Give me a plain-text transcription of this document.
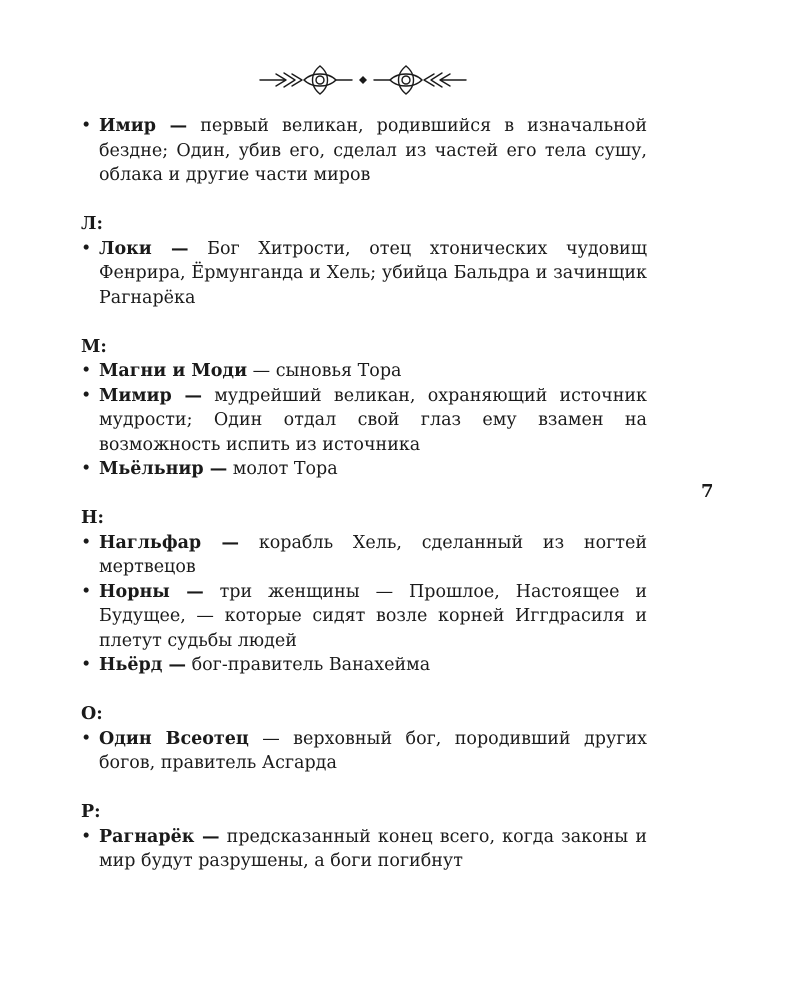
• Имир — первый великан, родившийся в изначальной бездне; Один, убив его, сделал из частей его тела сушу, облака и другие части миров
Л:
• Локи — Бог Хитрости, отец хтонических чудовищ Фенрира, Ёрмунганда и Хель; убийца Бальдра и зачинщик Рагнарёка
М:
• Магни и Моди — сыновья Тора
• Мимир — мудрейший великан, охраняющий источник мудрости; Один отдал свой глаз ему взамен на возможность испить из источника
• Мьёльнир — молот Тора
Н:
• Нагльфар — корабль Хель, сделанный из ногтей мертвецов
• Норны — три женщины — Прошлое, Настоящее и Будущее, — которые сидят возле корней Иггдрасиля и плетут судьбы людей
• Ньёрд — бог-правитель Ванахейма
О:
• Один Всеотец — верховный бог, породивший других богов, правитель Асгарда
Р:
• Рагнарёк — предсказанный конец всего, когда законы и мир будут разрушены, а боги погибнут
7
